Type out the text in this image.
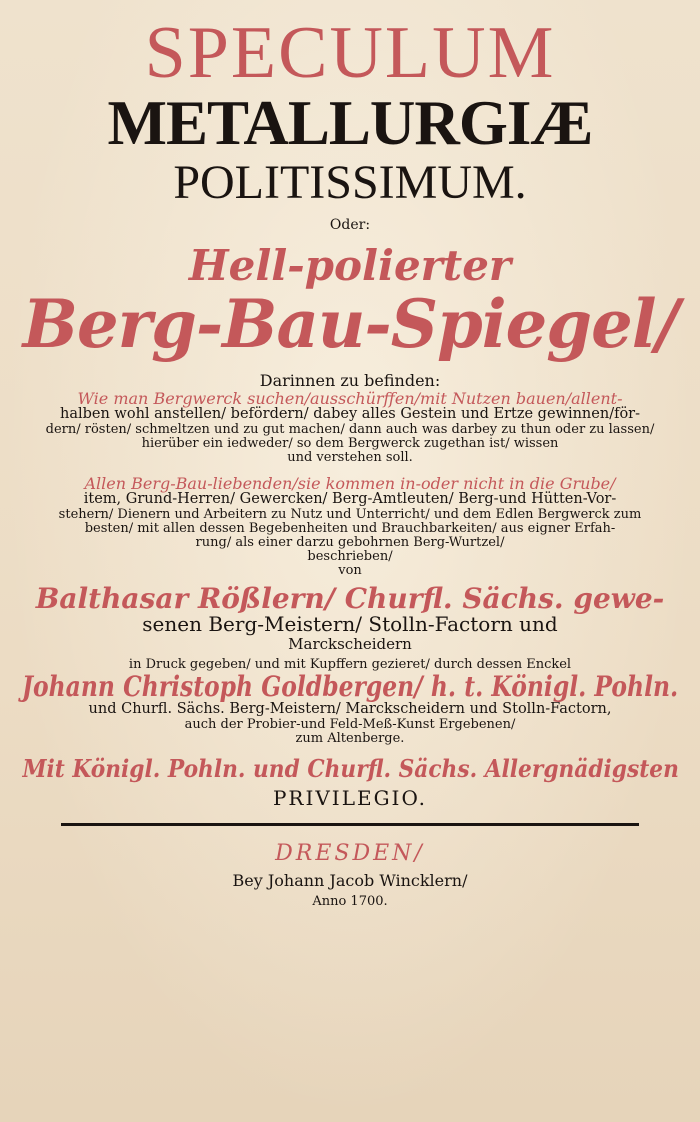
SPECULUM
METALLURGIÆ
POLITISSIMUM.
Oder:
Hell-polierter
Berg-Bau-Spiegel/
Darinnen zu befinden:
Wie man Bergwerck suchen/ausschürffen/mit Nutzen bauen/allent-
halben wohl anstellen/ befördern/ dabey alles Gestein und Ertze gewinnen/för-
dern/ rösten/ schmeltzen und zu gut machen/ dann auch was darbey zu thun oder zu lassen/
hierüber ein iedweder/ so dem Bergwerck zugethan ist/ wissen
und verstehen soll.
Allen Berg-Bau-liebenden/sie kommen in-oder nicht in die Grube/
item, Grund-Herren/ Gewercken/ Berg-Amtleuten/ Berg-und Hütten-Vor-
stehern/ Dienern und Arbeitern zu Nutz und Unterricht/ und dem Edlen Bergwerck zum
besten/ mit allen dessen Begebenheiten und Brauchbarkeiten/ aus eigner Erfah-
rung/ als einer darzu gebohrnen Berg-Wurtzel/
beschrieben/
von
Balthasar Rößlern/ Churfl. Sächs. gewe-
senen Berg-Meistern/ Stolln-Factorn und
Marckscheidern
in Druck gegeben/ und mit Kupffern gezieret/ durch dessen Enckel
Johann Christoph Goldbergen/ h. t. Königl. Pohln.
und Churfl. Sächs. Berg-Meistern/ Marckscheidern und Stolln-Factorn,
auch der Probier-und Feld-Meß-Kunst Ergebenen/
zum Altenberge.
Mit Königl. Pohln. und Churfl. Sächs. Allergnädigsten
PRIVILEGIO.
DRESDEN/
Bey Johann Jacob Wincklern/
Anno 1700.
